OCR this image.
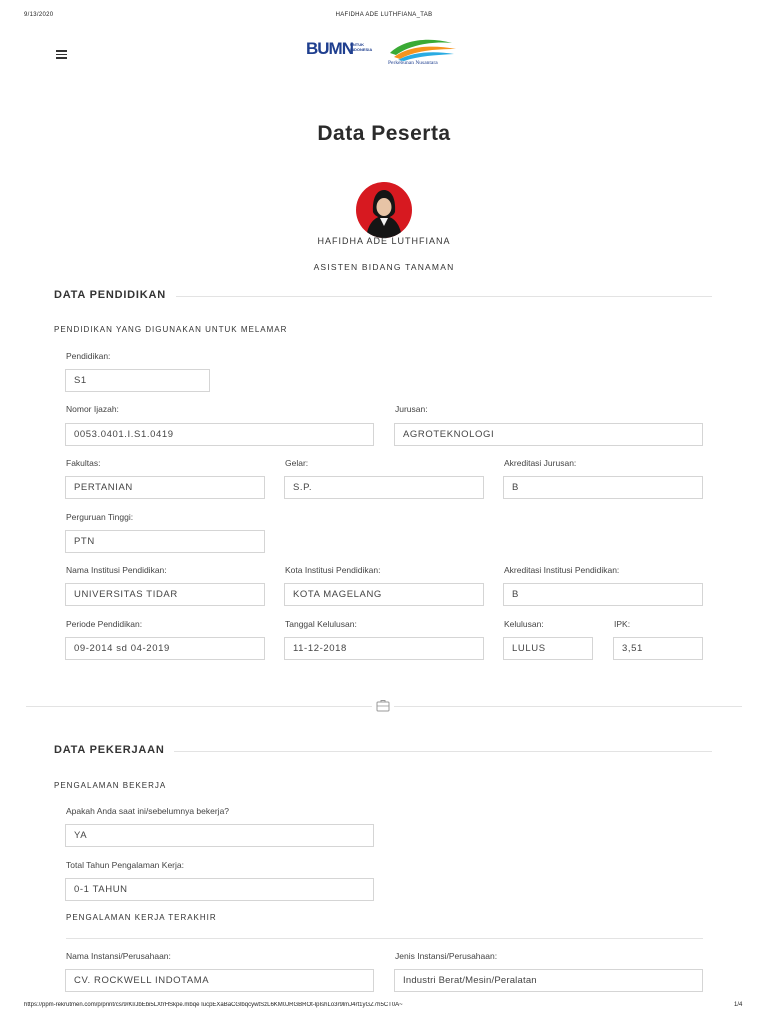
9/13/2020	HAFIDHA ADE LUTHFIANA_TAB
BUMN
UNTUK
INDONESIA
Perkebunan Nusantara
Data Peserta
HAFIDHA ADE LUTHFIANA
ASISTEN BIDANG TANAMAN
DATA PENDIDIKAN
PENDIDIKAN YANG DIGUNAKAN UNTUK MELAMAR
Pendidikan:
S1
Nomor Ijazah:
0053.0401.I.S1.0419	Jurusan:
AGROTEKNOLOGI
Fakultas:
PERTANIAN	Gelar:
S.P.	Akreditasi Jurusan:
B
Perguruan Tinggi:
PTN
Nama Institusi Pendidikan:
UNIVERSITAS TIDAR	Kota Institusi Pendidikan:
KOTA MAGELANG	Akreditasi Institusi Pendidikan:
B
Periode Pendidikan:
09-2014 sd 04-2019	Tanggal Kelulusan:
11-12-2018	Kelulusan:
LULUS	IPK:
3,51
DATA PEKERJAAN
PENGALAMAN BEKERJA
Apakah Anda saat ini/sebelumnya bekerja?
YA
Total Tahun Pengalaman Kerja:
0-1 TAHUN
PENGALAMAN KERJA TERAKHIR
Nama Instansi/Perusahaan:
CV. ROCKWELL INDOTAMA	Jenis Instansi/Perusahaan:
Industri Berat/Mesin/Peralatan
https://ppm-rekrutmen.com/p/print/cs/9/Kl/JbEbi5LXfrHSkpe.mbqe IucpEXaBaCGlbqcywtSzL6KM0JRGBROt-lpIshLo3r9lmJ4rt1yGZ7h5CT0A~	1/4
